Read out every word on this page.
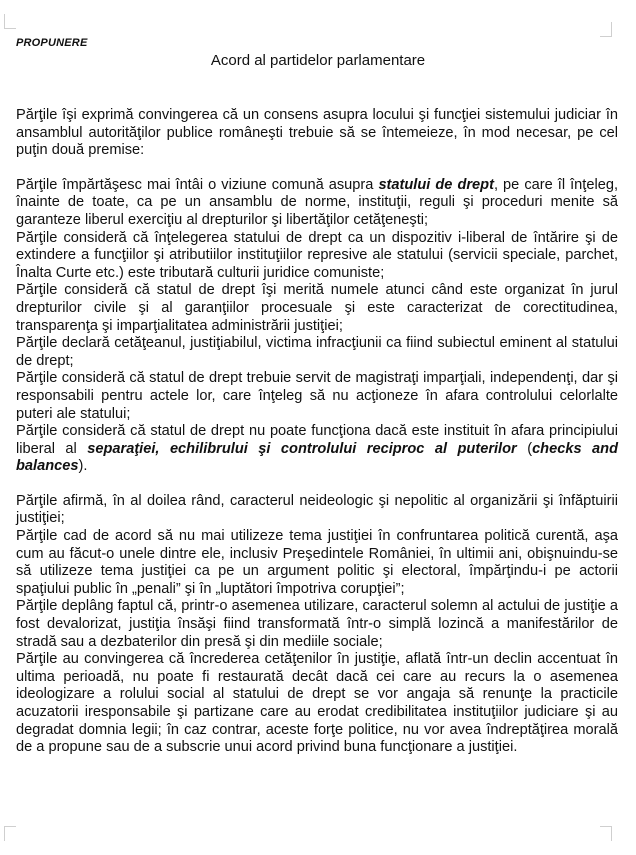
PROPUNERE
Acord al partidelor parlamentare

Părţile îşi exprimă convingerea că un consens asupra locului şi funcţiei sistemului judiciar în ansamblul autorităţilor publice româneşti trebuie să se întemeieze, în mod necesar, pe cel puţin două premise:

Părţile împărtăşesc mai întâi o viziune comună asupra statului de drept, pe care îl înţeleg, înainte de toate, ca pe un ansamblu de norme, instituţii, reguli şi proceduri menite să garanteze liberul exerciţiu al drepturilor şi libertăţilor cetăţeneşti;

Părţile consideră că înţelegerea statului de drept ca un dispozitiv i-liberal de întărire şi de extindere a funcţiilor şi atributiilor instituţiilor represive ale statului (servicii speciale, parchet, Înalta Curte etc.) este tributară culturii juridice comuniste;

Părţile consideră că statul de drept îşi merită numele atunci când este organizat în jurul drepturilor civile şi al garanţiilor procesuale şi este caracterizat de corectitudinea, transparenţa şi imparţialitatea administrării justiţiei;

Părţile declară cetăţeanul, justiţiabilul, victima infracţiunii ca fiind subiectul eminent al statului de drept;

Părţile consideră că statul de drept trebuie servit de magistraţi imparţiali, independenţi, dar şi responsabili pentru actele lor, care înţeleg să nu acţioneze în afara controlului celorlalte puteri ale statului;

Părţile consideră că statul de drept nu poate funcţiona dacă este instituit în afara principiului liberal al separaţiei, echilibrului şi controlului reciproc al puterilor (checks and balances).

Părţile afirmă, în al doilea rând, caracterul neideologic şi nepolitic al organizării şi înfăptuirii justiţiei;

Părţile cad de acord să nu mai utilizeze tema justiţiei în confruntarea politică curentă, aşa cum au făcut-o unele dintre ele, inclusiv Preşedintele României, în ultimii ani, obişnuindu-se să utilizeze tema justiţiei ca pe un argument politic şi electoral, împărţindu-i pe actorii spaţiului public în „penali” şi în „luptători împotriva corupţiei”;

Părţile deplâng faptul că, printr-o asemenea utilizare, caracterul solemn al actului de justiţie a fost devalorizat, justiţia însăşi fiind transformată într-o simplă lozincă a manifestărilor de stradă sau a dezbaterilor din presă şi din mediile sociale;

Părţile au convingerea că încrederea cetăţenilor în justiţie, aflată într-un declin accentuat în ultima perioadă, nu poate fi restaurată decât dacă cei care au recurs la o asemenea ideologizare a rolului social al statului de drept se vor angaja să renunţe la practicile acuzatorii iresponsabile şi partizane care au erodat credibilitatea instituţiilor judiciare şi au degradat domnia legii; în caz contrar, aceste forţe politice, nu vor avea îndreptăţirea morală de a propune sau de a subscrie unui acord privind buna funcţionare a justiţiei.
